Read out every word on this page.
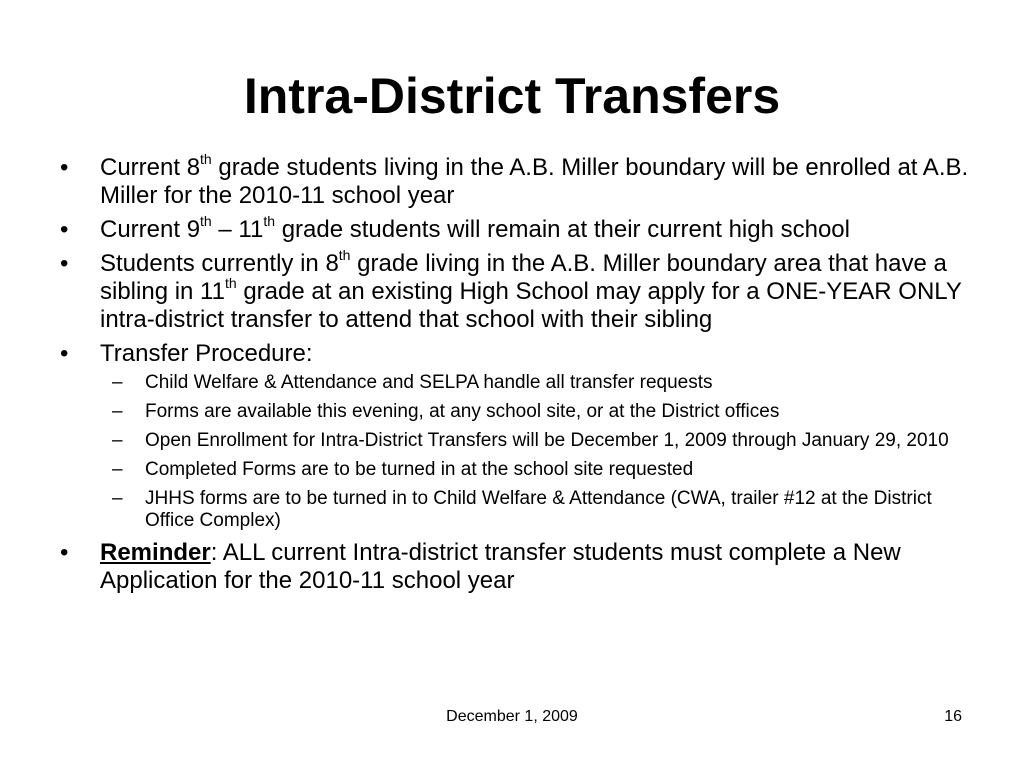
Intra-District Transfers
•	Current 8th grade students living in the A.B. Miller boundary will be enrolled at A.B. Miller for the 2010-11 school year
•	Current 9th – 11th grade students will remain at their current high school
•	Students currently in 8th grade living in the A.B. Miller boundary area that have a sibling in 11th grade at an existing High School may apply for a ONE-YEAR ONLY intra-district transfer to attend that school with their sibling
•	Transfer Procedure:
– Child Welfare & Attendance and SELPA handle all transfer requests
– Forms are available this evening, at any school site, or at the District offices
– Open Enrollment for Intra-District Transfers will be December 1, 2009 through January 29, 2010
– Completed Forms are to be turned in at the school site requested
– JHHS forms are to be turned in to Child Welfare & Attendance (CWA, trailer #12 at the District Office Complex)
•	Reminder: ALL current Intra-district transfer students must complete a New Application for the 2010-11 school year
December 1, 2009	16
